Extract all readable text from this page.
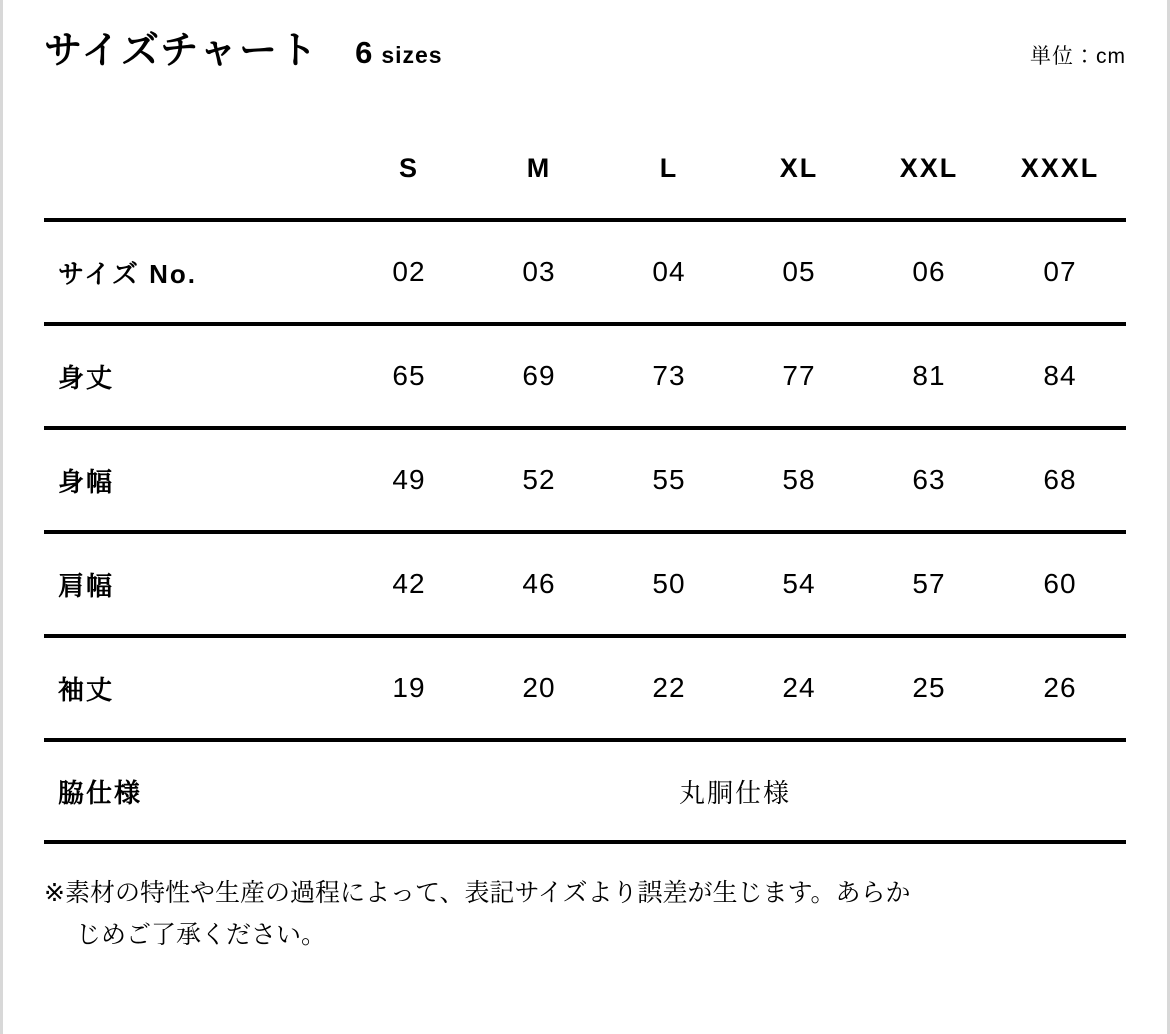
サイズチャート 6 sizes	単位：cm
	S	M	L	XL	XXL	XXXL
サイズ No.	02	03	04	05	06	07
身丈	65	69	73	77	81	84
身幅	49	52	55	58	63	68
肩幅	42	46	50	54	57	60
袖丈	19	20	22	24	25	26
脇仕様	丸胴仕様					
※素材の特性や生産の過程によって、表記サイズより誤差が生じます。あらか
じめご了承ください。
